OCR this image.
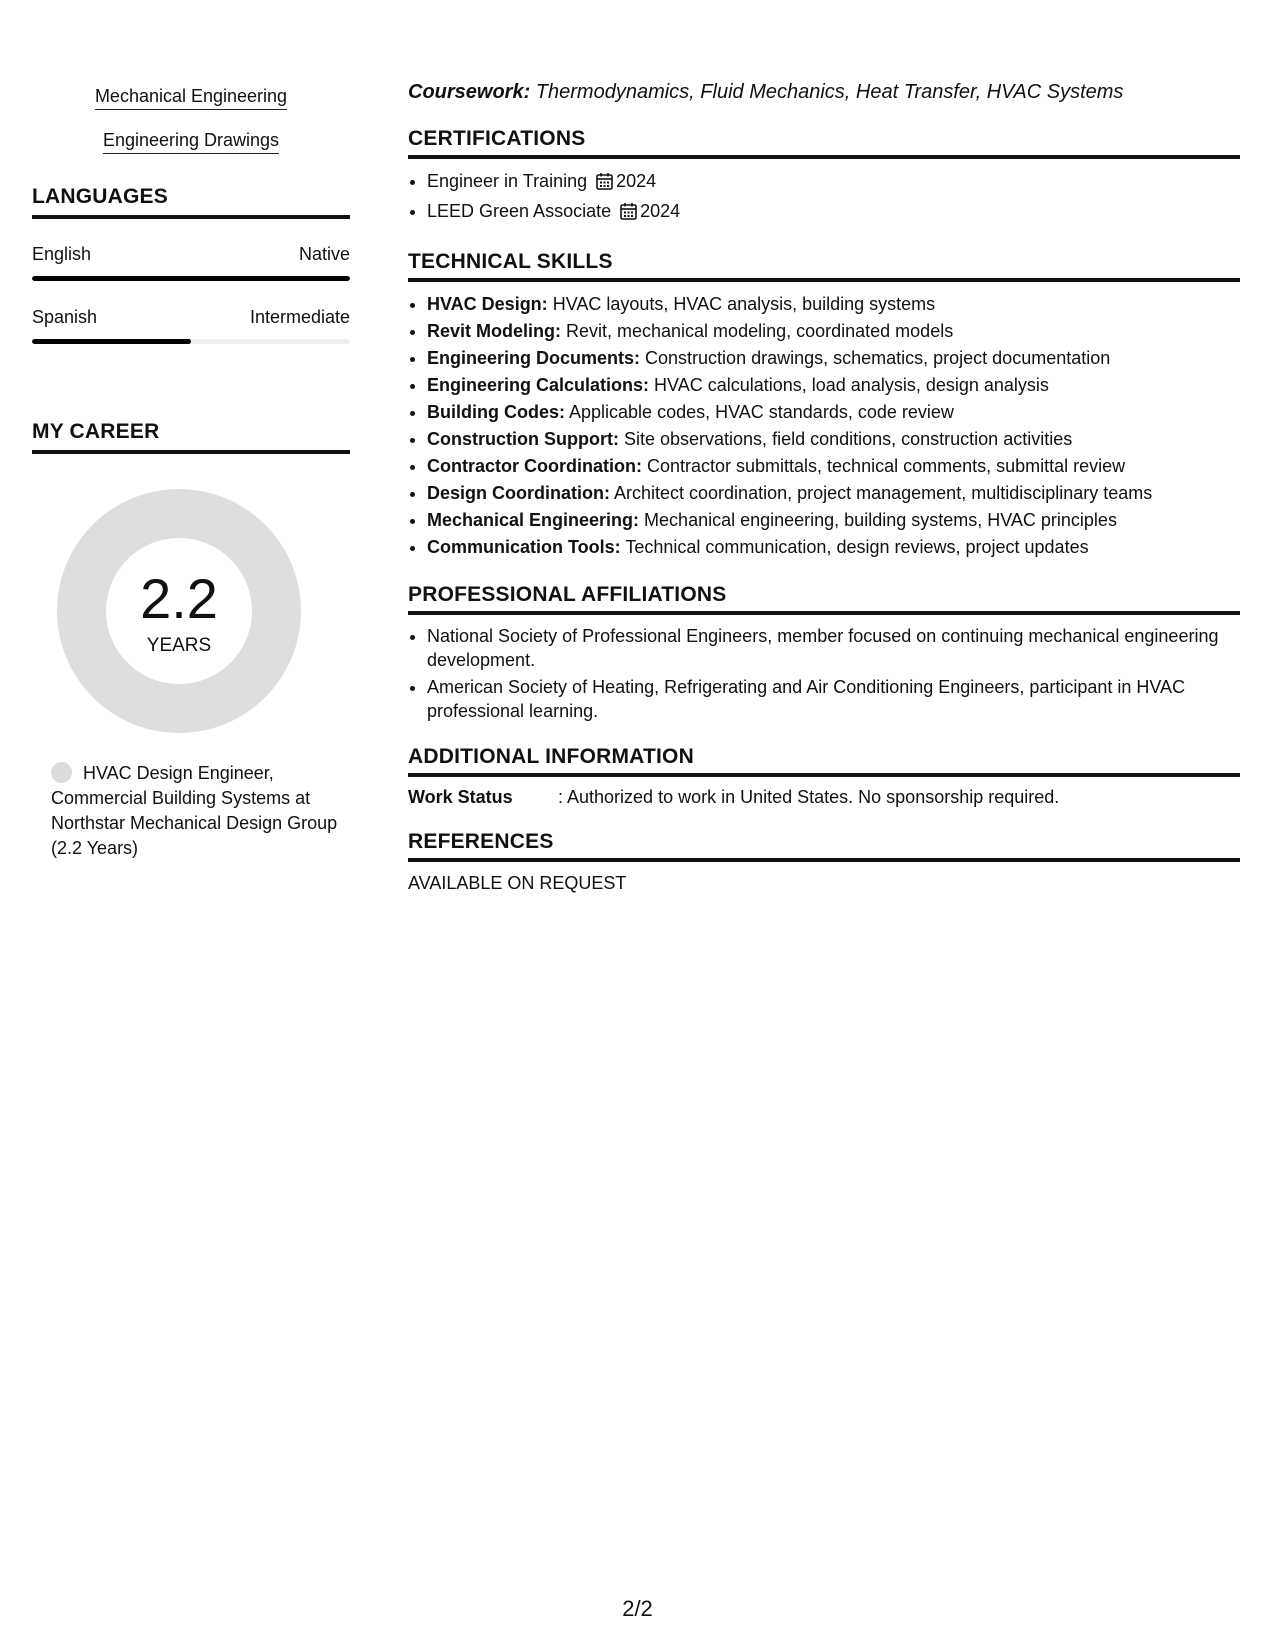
Mechanical Engineering
Engineering Drawings
LANGUAGES
English	Native
Spanish	Intermediate
MY CAREER
2.2
YEARS
HVAC Design Engineer, Commercial Building Systems at Northstar Mechanical Design Group (2.2 Years)
Coursework: Thermodynamics, Fluid Mechanics, Heat Transfer, HVAC Systems
CERTIFICATIONS
• Engineer in Training 2024
• LEED Green Associate 2024
TECHNICAL SKILLS
• HVAC Design: HVAC layouts, HVAC analysis, building systems
• Revit Modeling: Revit, mechanical modeling, coordinated models
• Engineering Documents: Construction drawings, schematics, project documentation
• Engineering Calculations: HVAC calculations, load analysis, design analysis
• Building Codes: Applicable codes, HVAC standards, code review
• Construction Support: Site observations, field conditions, construction activities
• Contractor Coordination: Contractor submittals, technical comments, submittal review
• Design Coordination: Architect coordination, project management, multidisciplinary teams
• Mechanical Engineering: Mechanical engineering, building systems, HVAC principles
• Communication Tools: Technical communication, design reviews, project updates
PROFESSIONAL AFFILIATIONS
• National Society of Professional Engineers, member focused on continuing mechanical engineering development.
• American Society of Heating, Refrigerating and Air Conditioning Engineers, participant in HVAC professional learning.
ADDITIONAL INFORMATION
Work Status	: Authorized to work in United States. No sponsorship required.
REFERENCES
AVAILABLE ON REQUEST
2/2
